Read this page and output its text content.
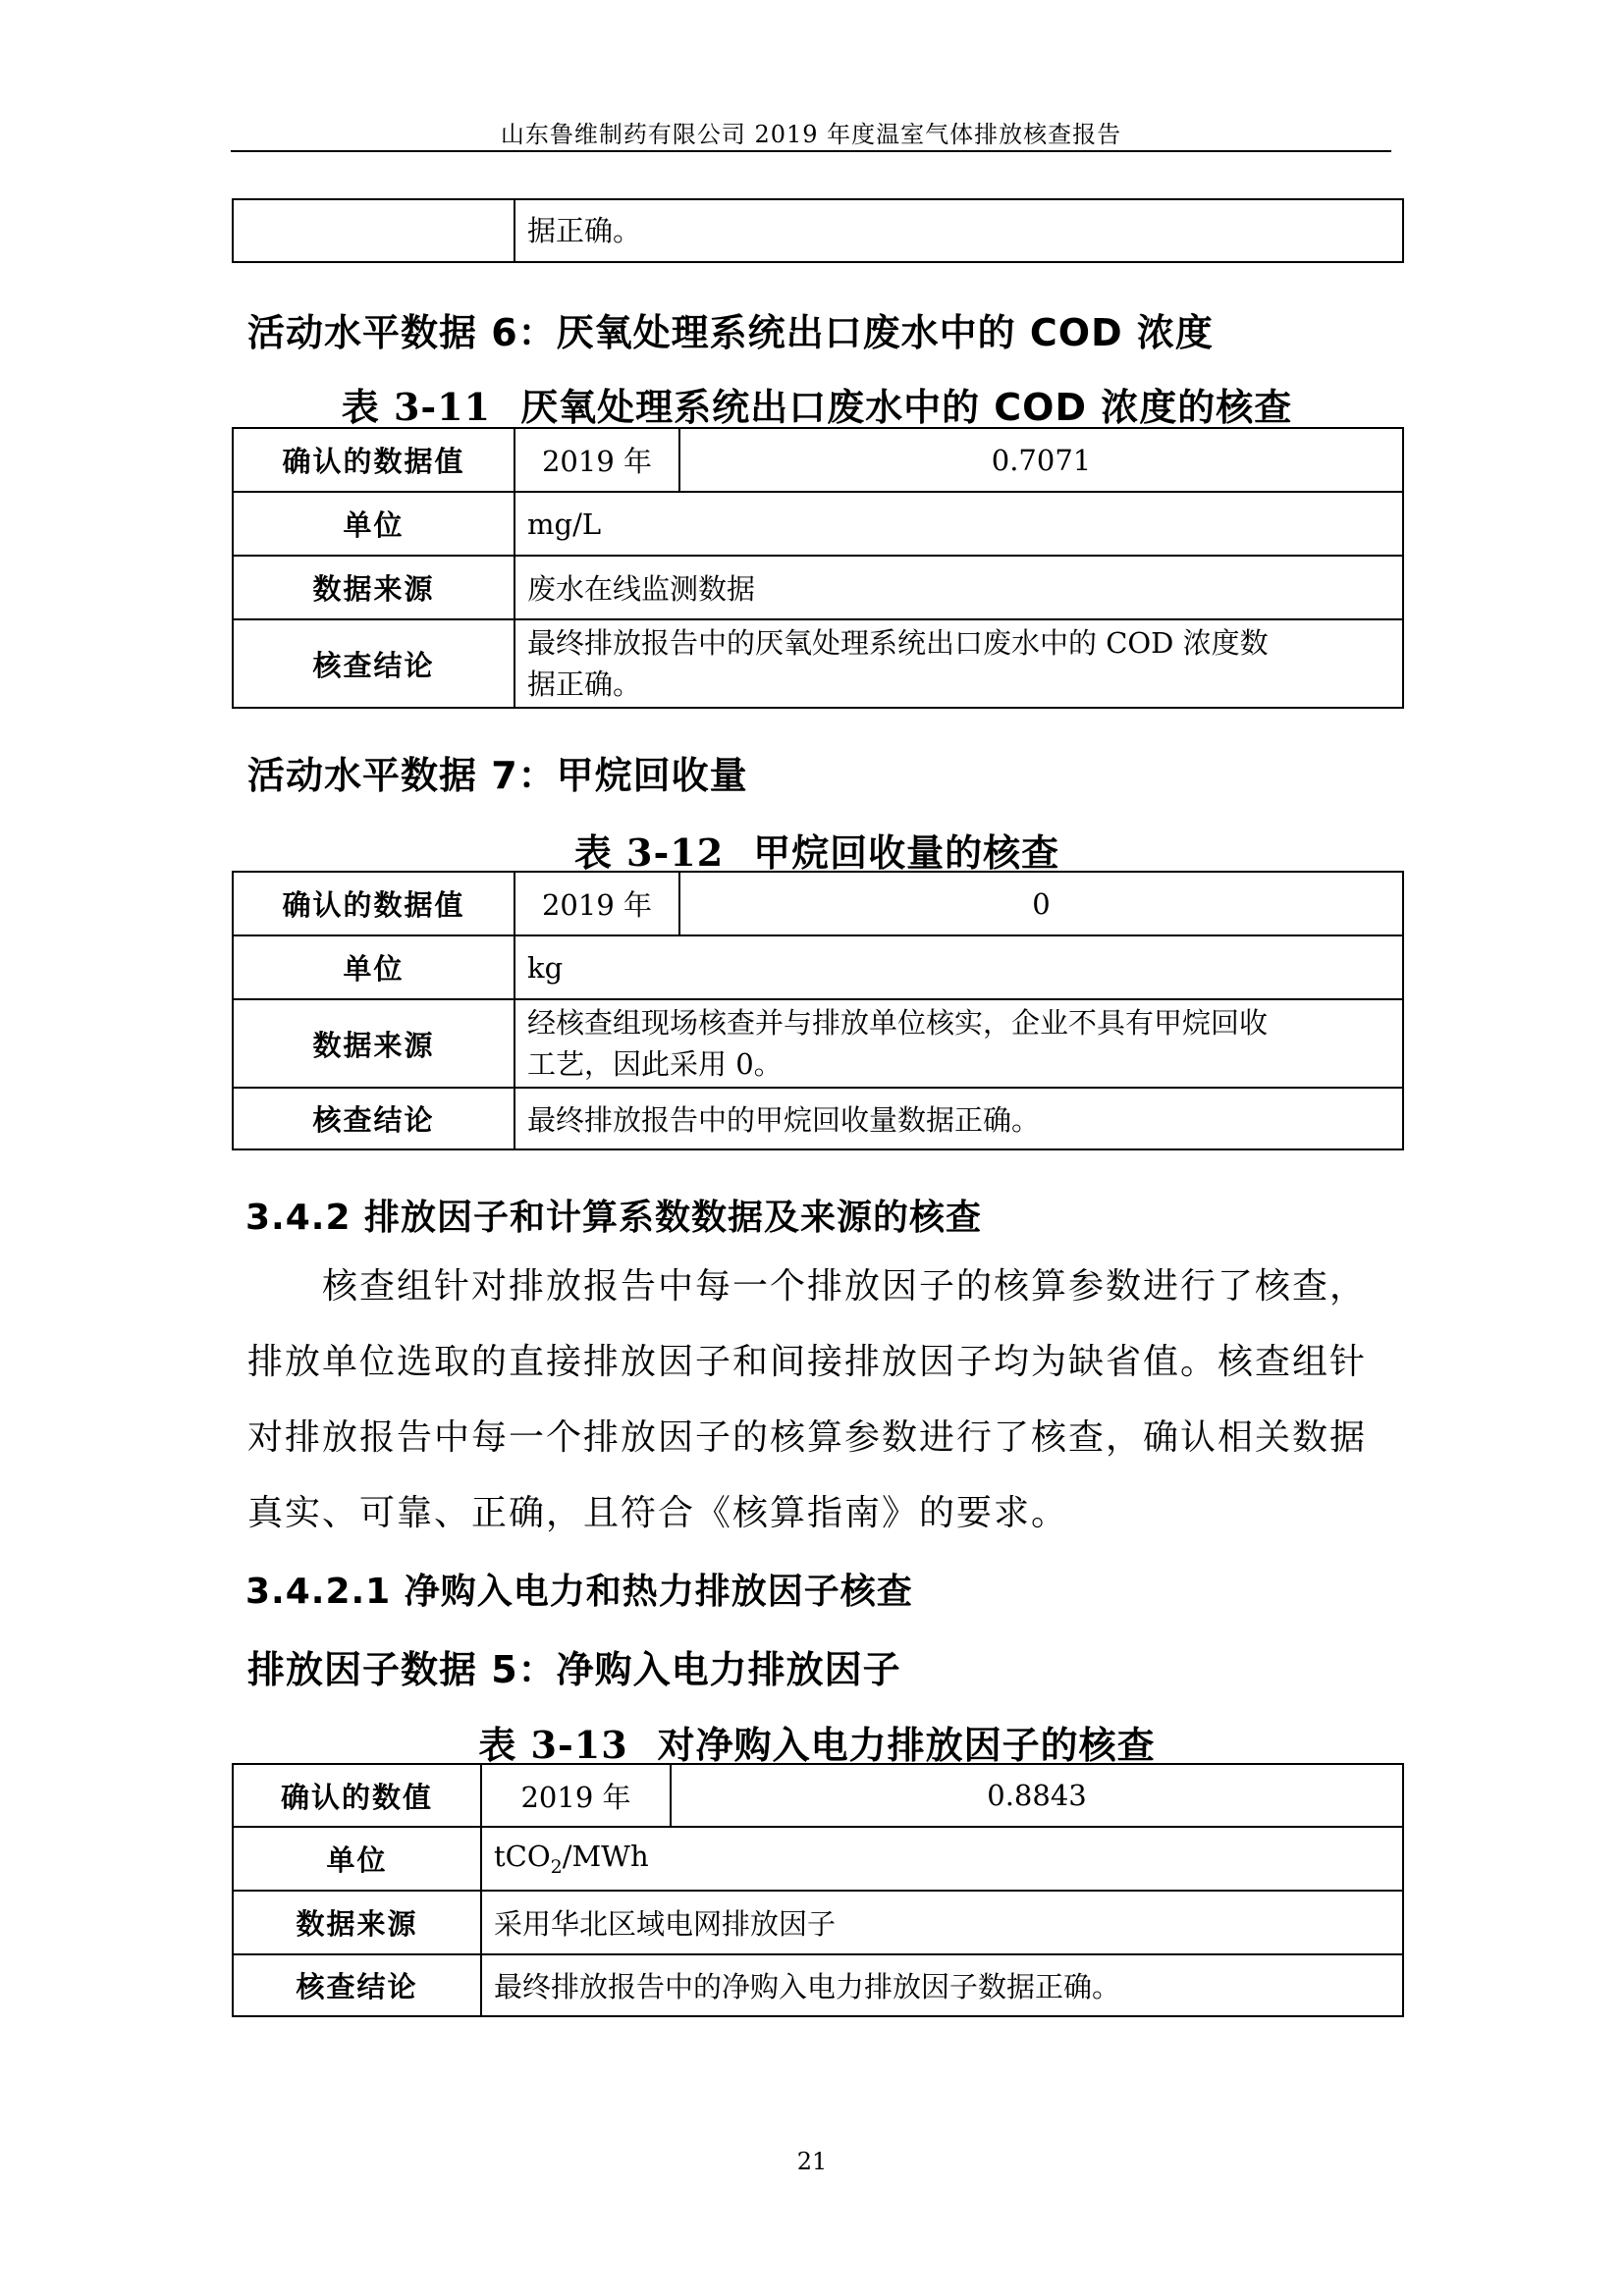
山东鲁维制药有限公司 2019 年度温室气体排放核查报告
	据正确。
活动水平数据 6：厌氧处理系统出口废水中的 COD 浓度
表 3-11 厌氧处理系统出口废水中的 COD 浓度的核查
确认的数据值	2019 年	0.7071
单位	mg/L	
数据来源	废水在线监测数据	
核查结论	最终排放报告中的厌氧处理系统出口废水中的 COD 浓度数
据正确。	
活动水平数据 7：甲烷回收量
表 3-12 甲烷回收量的核查
确认的数据值	2019 年	0
单位	kg	
数据来源	经核查组现场核查并与排放单位核实，企业不具有甲烷回收
工艺，因此采用 0。	

核查结论	最终排放报告中的甲烷回收量数据正确。	
3.4.2 排放因子和计算系数数据及来源的核查
核查组针对排放报告中每一个排放因子的核算参数进行了核查，
排放单位选取的直接排放因子和间接排放因子均为缺省值。核查组针
对排放报告中每一个排放因子的核算参数进行了核查，确认相关数据
真实、可靠、正确，且符合《核算指南》的要求。
3.4.2.1 净购入电力和热力排放因子核查
排放因子数据 5：净购入电力排放因子
表 3-13 对净购入电力排放因子的核查
确认的数值	2019 年	0.8843
单位	tCO$_2$/MWh	
数据来源	采用华北区域电网排放因子	
核查结论	最终排放报告中的净购入电力排放因子数据正确。	
21
